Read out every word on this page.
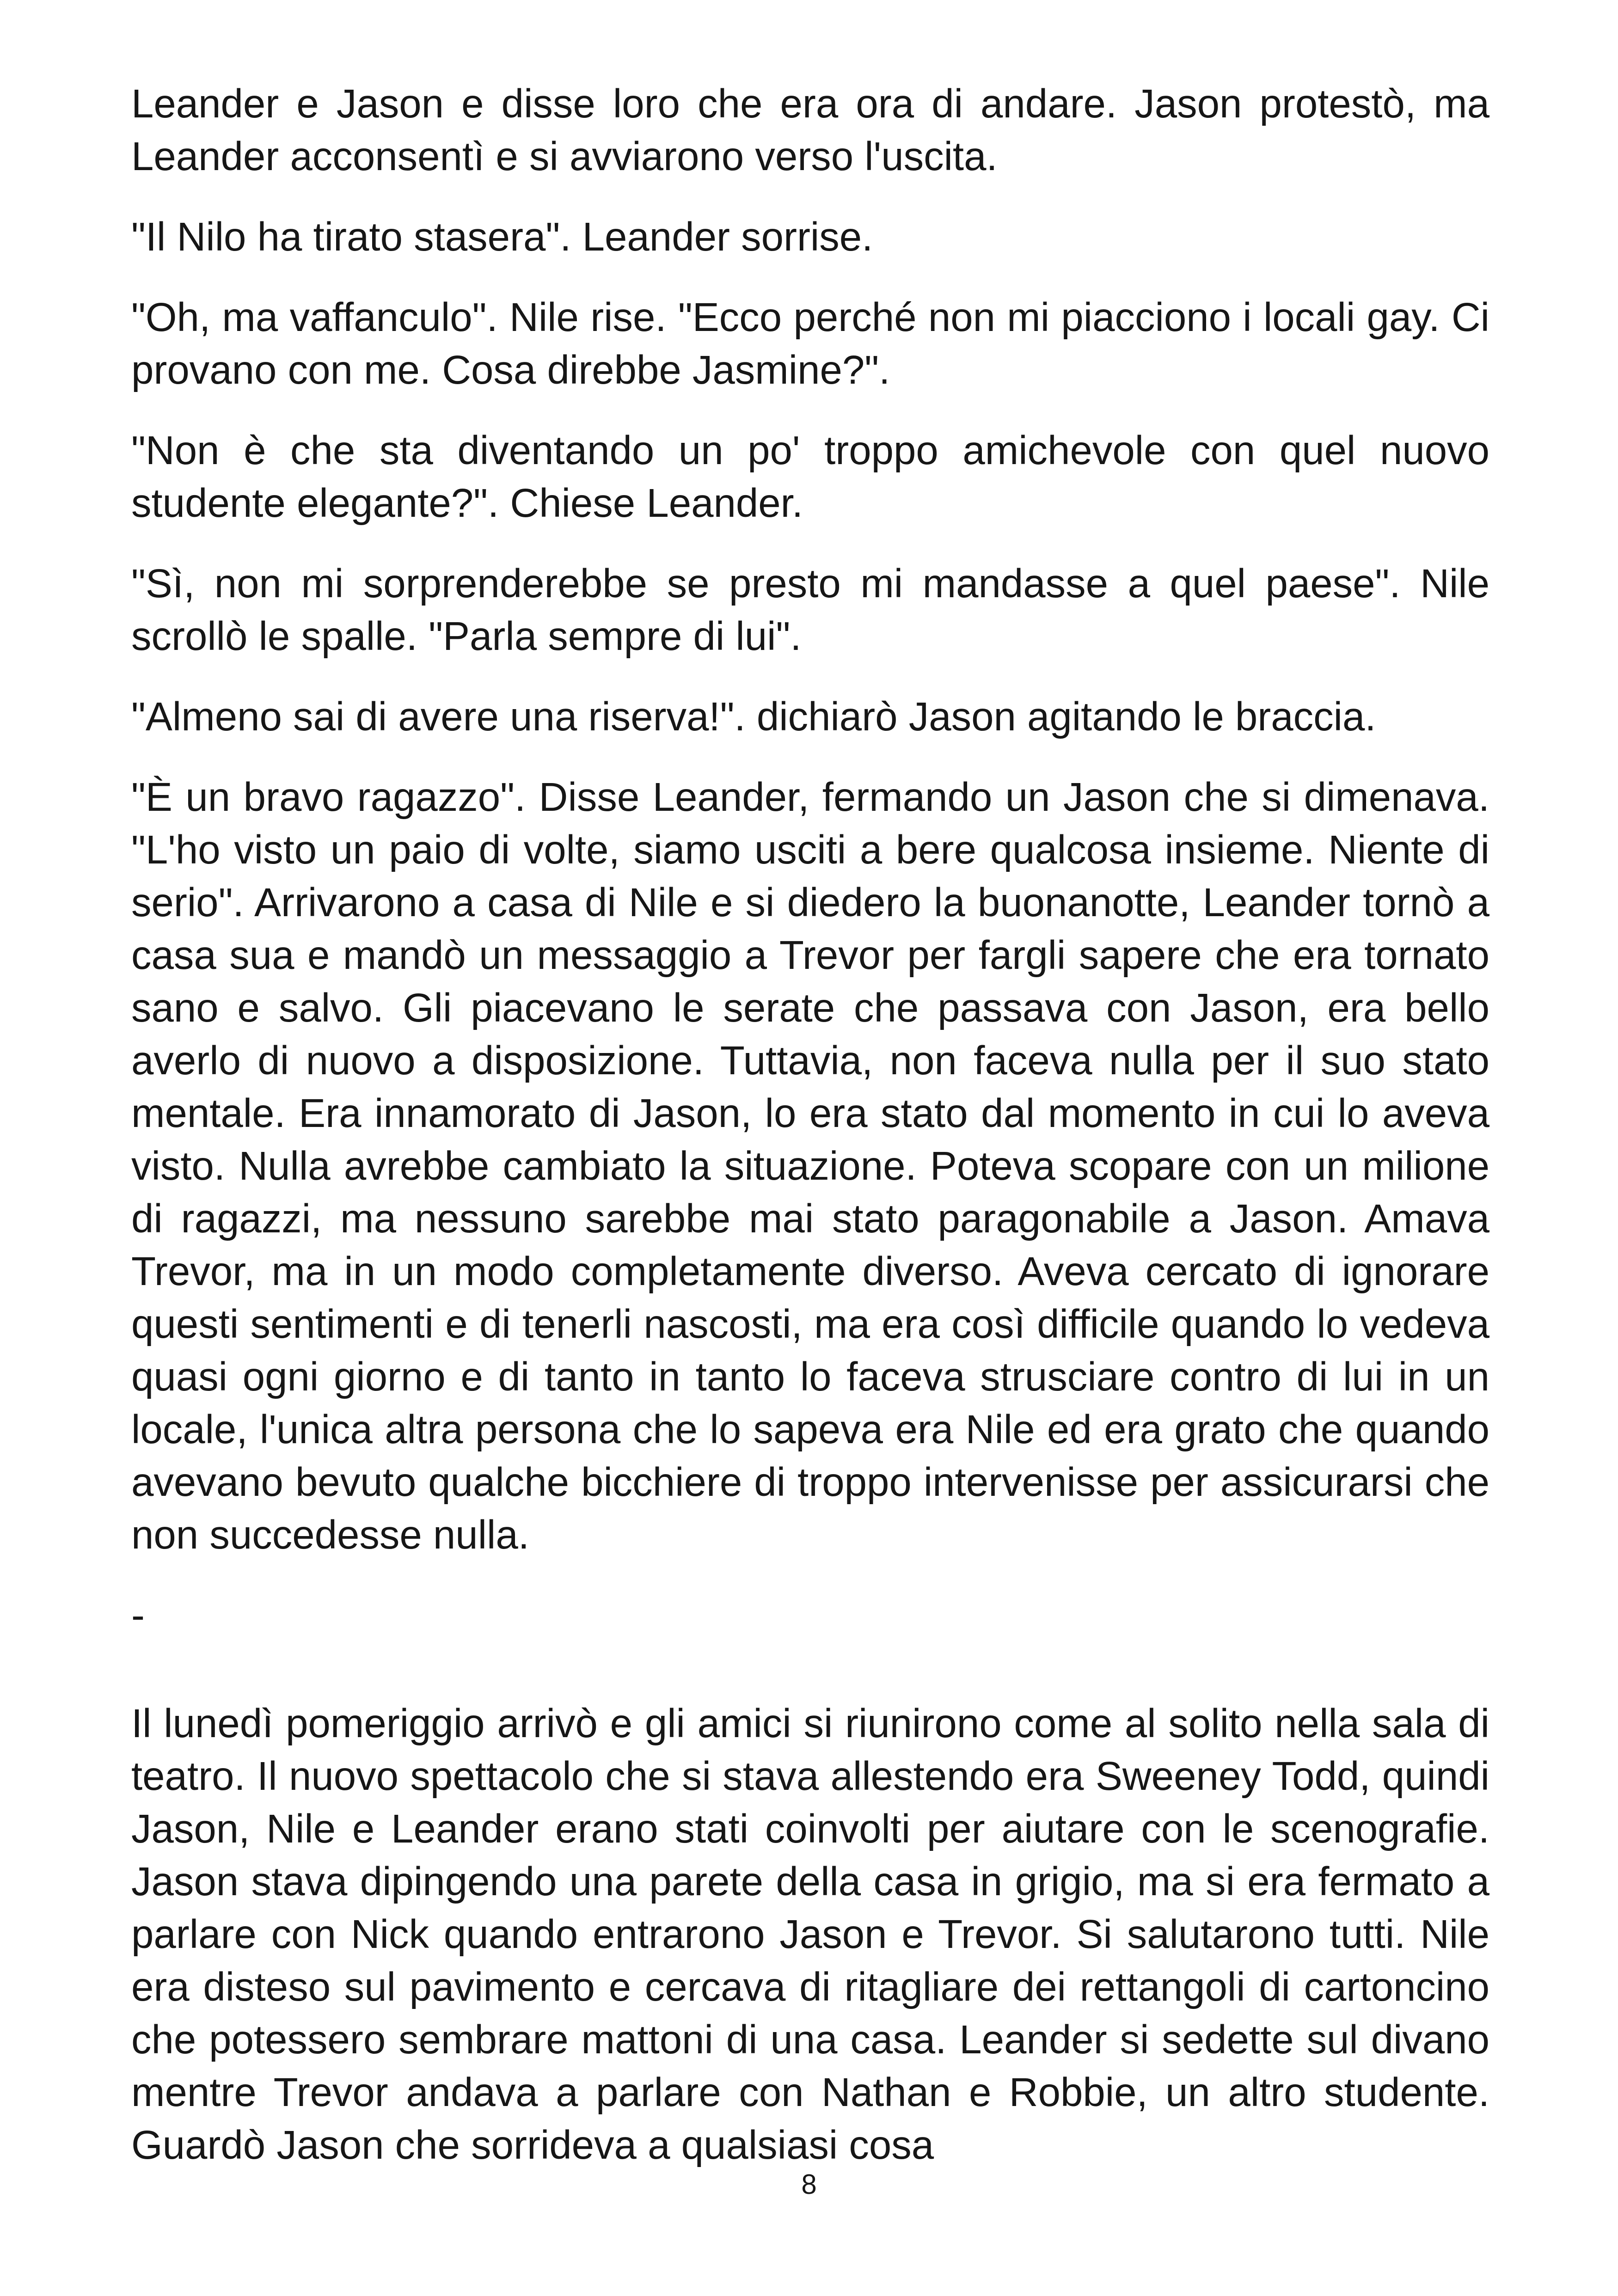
Leander e Jason e disse loro che era ora di andare. Jason protestò, ma Leander acconsentì e si avviarono verso l'uscita.

"Il Nilo ha tirato stasera". Leander sorrise.

"Oh, ma vaffanculo". Nile rise. "Ecco perché non mi piacciono i locali gay. Ci provano con me. Cosa direbbe Jasmine?".

"Non è che sta diventando un po' troppo amichevole con quel nuovo studente elegante?". Chiese Leander.

"Sì, non mi sorprenderebbe se presto mi mandasse a quel paese". Nile scrollò le spalle. "Parla sempre di lui".

"Almeno sai di avere una riserva!". dichiarò Jason agitando le braccia.

"È un bravo ragazzo". Disse Leander, fermando un Jason che si dimenava. "L'ho visto un paio di volte, siamo usciti a bere qualcosa insieme. Niente di serio". Arrivarono a casa di Nile e si diedero la buonanotte, Leander tornò a casa sua e mandò un messaggio a Trevor per fargli sapere che era tornato sano e salvo. Gli piacevano le serate che passava con Jason, era bello averlo di nuovo a disposizione. Tuttavia, non faceva nulla per il suo stato mentale. Era innamorato di Jason, lo era stato dal momento in cui lo aveva visto. Nulla avrebbe cambiato la situazione. Poteva scopare con un milione di ragazzi, ma nessuno sarebbe mai stato paragonabile a Jason. Amava Trevor, ma in un modo completamente diverso. Aveva cercato di ignorare questi sentimenti e di tenerli nascosti, ma era così difficile quando lo vedeva quasi ogni giorno e di tanto in tanto lo faceva strusciare contro di lui in un locale, l'unica altra persona che lo sapeva era Nile ed era grato che quando avevano bevuto qualche bicchiere di troppo intervenisse per assicurarsi che non succedesse nulla.

-

Il lunedì pomeriggio arrivò e gli amici si riunirono come al solito nella sala di teatro. Il nuovo spettacolo che si stava allestendo era Sweeney Todd, quindi Jason, Nile e Leander erano stati coinvolti per aiutare con le scenografie. Jason stava dipingendo una parete della casa in grigio, ma si era fermato a parlare con Nick quando entrarono Jason e Trevor. Si salutarono tutti. Nile era disteso sul pavimento e cercava di ritagliare dei rettangoli di cartoncino che potessero sembrare mattoni di una casa. Leander si sedette sul divano mentre Trevor andava a parlare con Nathan e Robbie, un altro studente. Guardò Jason che sorrideva a qualsiasi cosa

8
